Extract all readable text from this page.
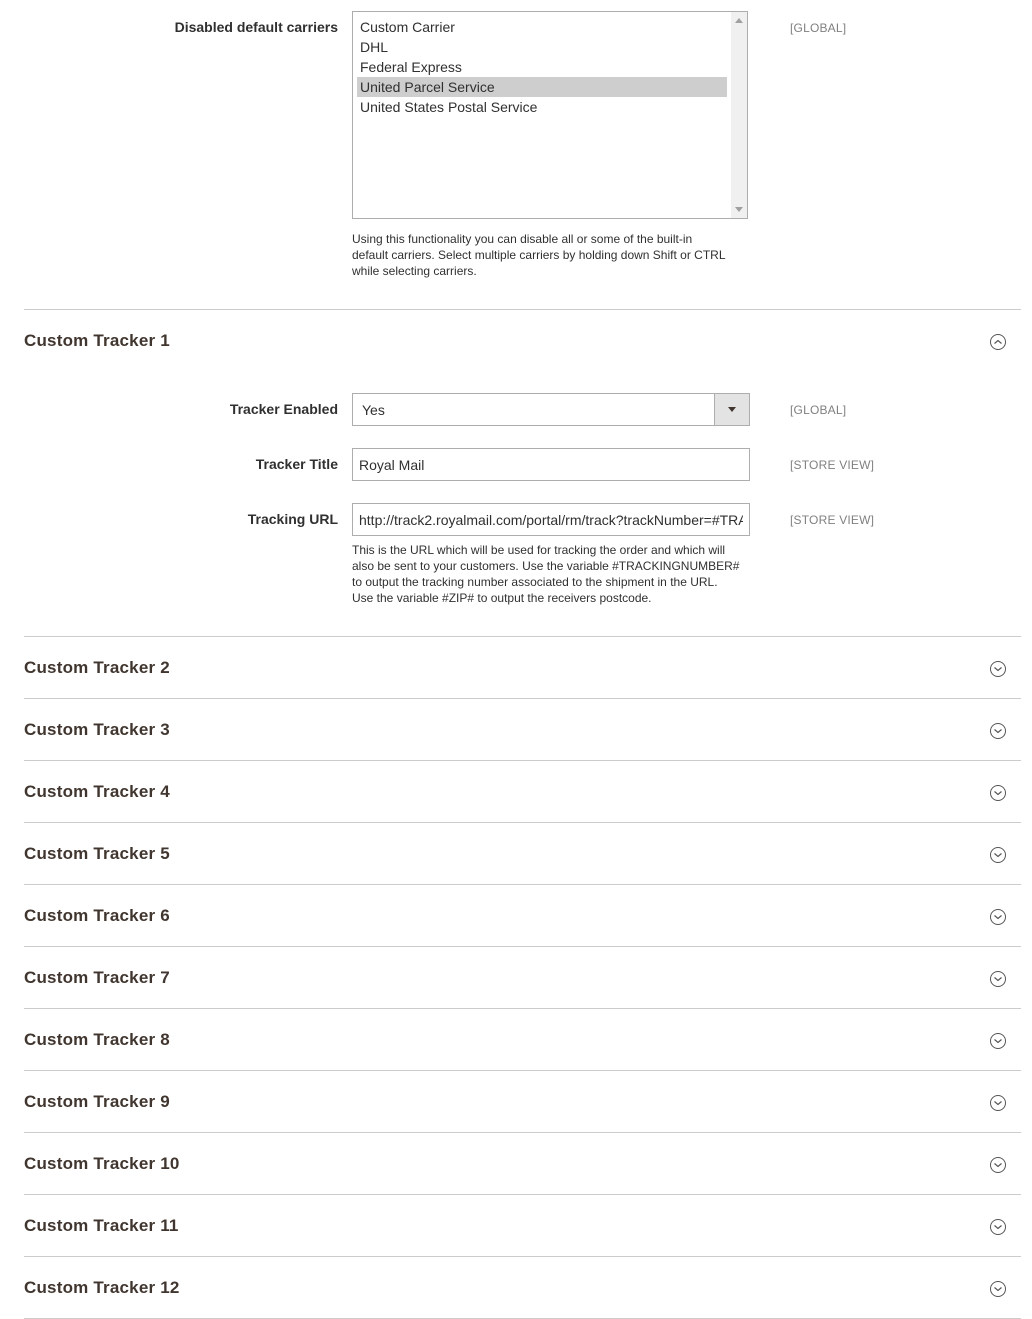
Disabled default carriers Custom Carrier
DHL
Federal Express
United Parcel Service
United States Postal Service
[GLOBAL]
Using this functionality you can disable all or some of the built-in
default carriers. Select multiple carriers by holding down Shift or CTRL
while selecting carriers.
Custom Tracker 1
Tracker Enabled Yes	[GLOBAL]
Tracker Title
Royal Mail	[STORE VIEW]
Tracking URL
http://track2.royalmail.com/portal/rm/track?trackNumber=#TRACKINGNUMBER#	[STORE VIEW]
This is the URL which will be used for tracking the order and which will
also be sent to your customers. Use the variable #TRACKINGNUMBER#
to output the tracking number associated to the shipment in the URL.
Use the variable #ZIP# to output the receivers postcode.
Custom Tracker 2
Custom Tracker 3
Custom Tracker 4
Custom Tracker 5
Custom Tracker 6
Custom Tracker 7
Custom Tracker 8
Custom Tracker 9
Custom Tracker 10
Custom Tracker 11
Custom Tracker 12
